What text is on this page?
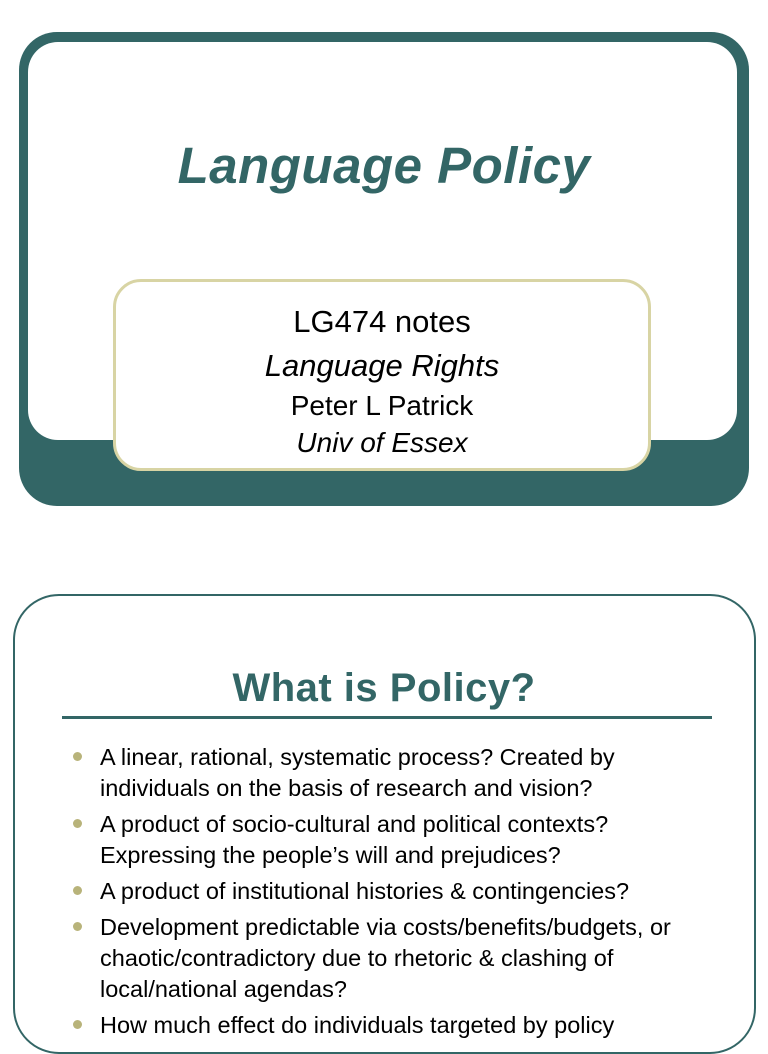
Language Policy
LG474 notes
Language Rights
Peter L Patrick
Univ of Essex
What is Policy?
A linear, rational, systematic process? Created by individuals on the basis of research and vision?
A product of socio-cultural and political contexts? Expressing the people’s will and prejudices?
A product of institutional histories & contingencies?
Development predictable via costs/benefits/budgets, or chaotic/contradictory due to rhetoric & clashing of local/national agendas?
How much effect do individuals targeted by policy
